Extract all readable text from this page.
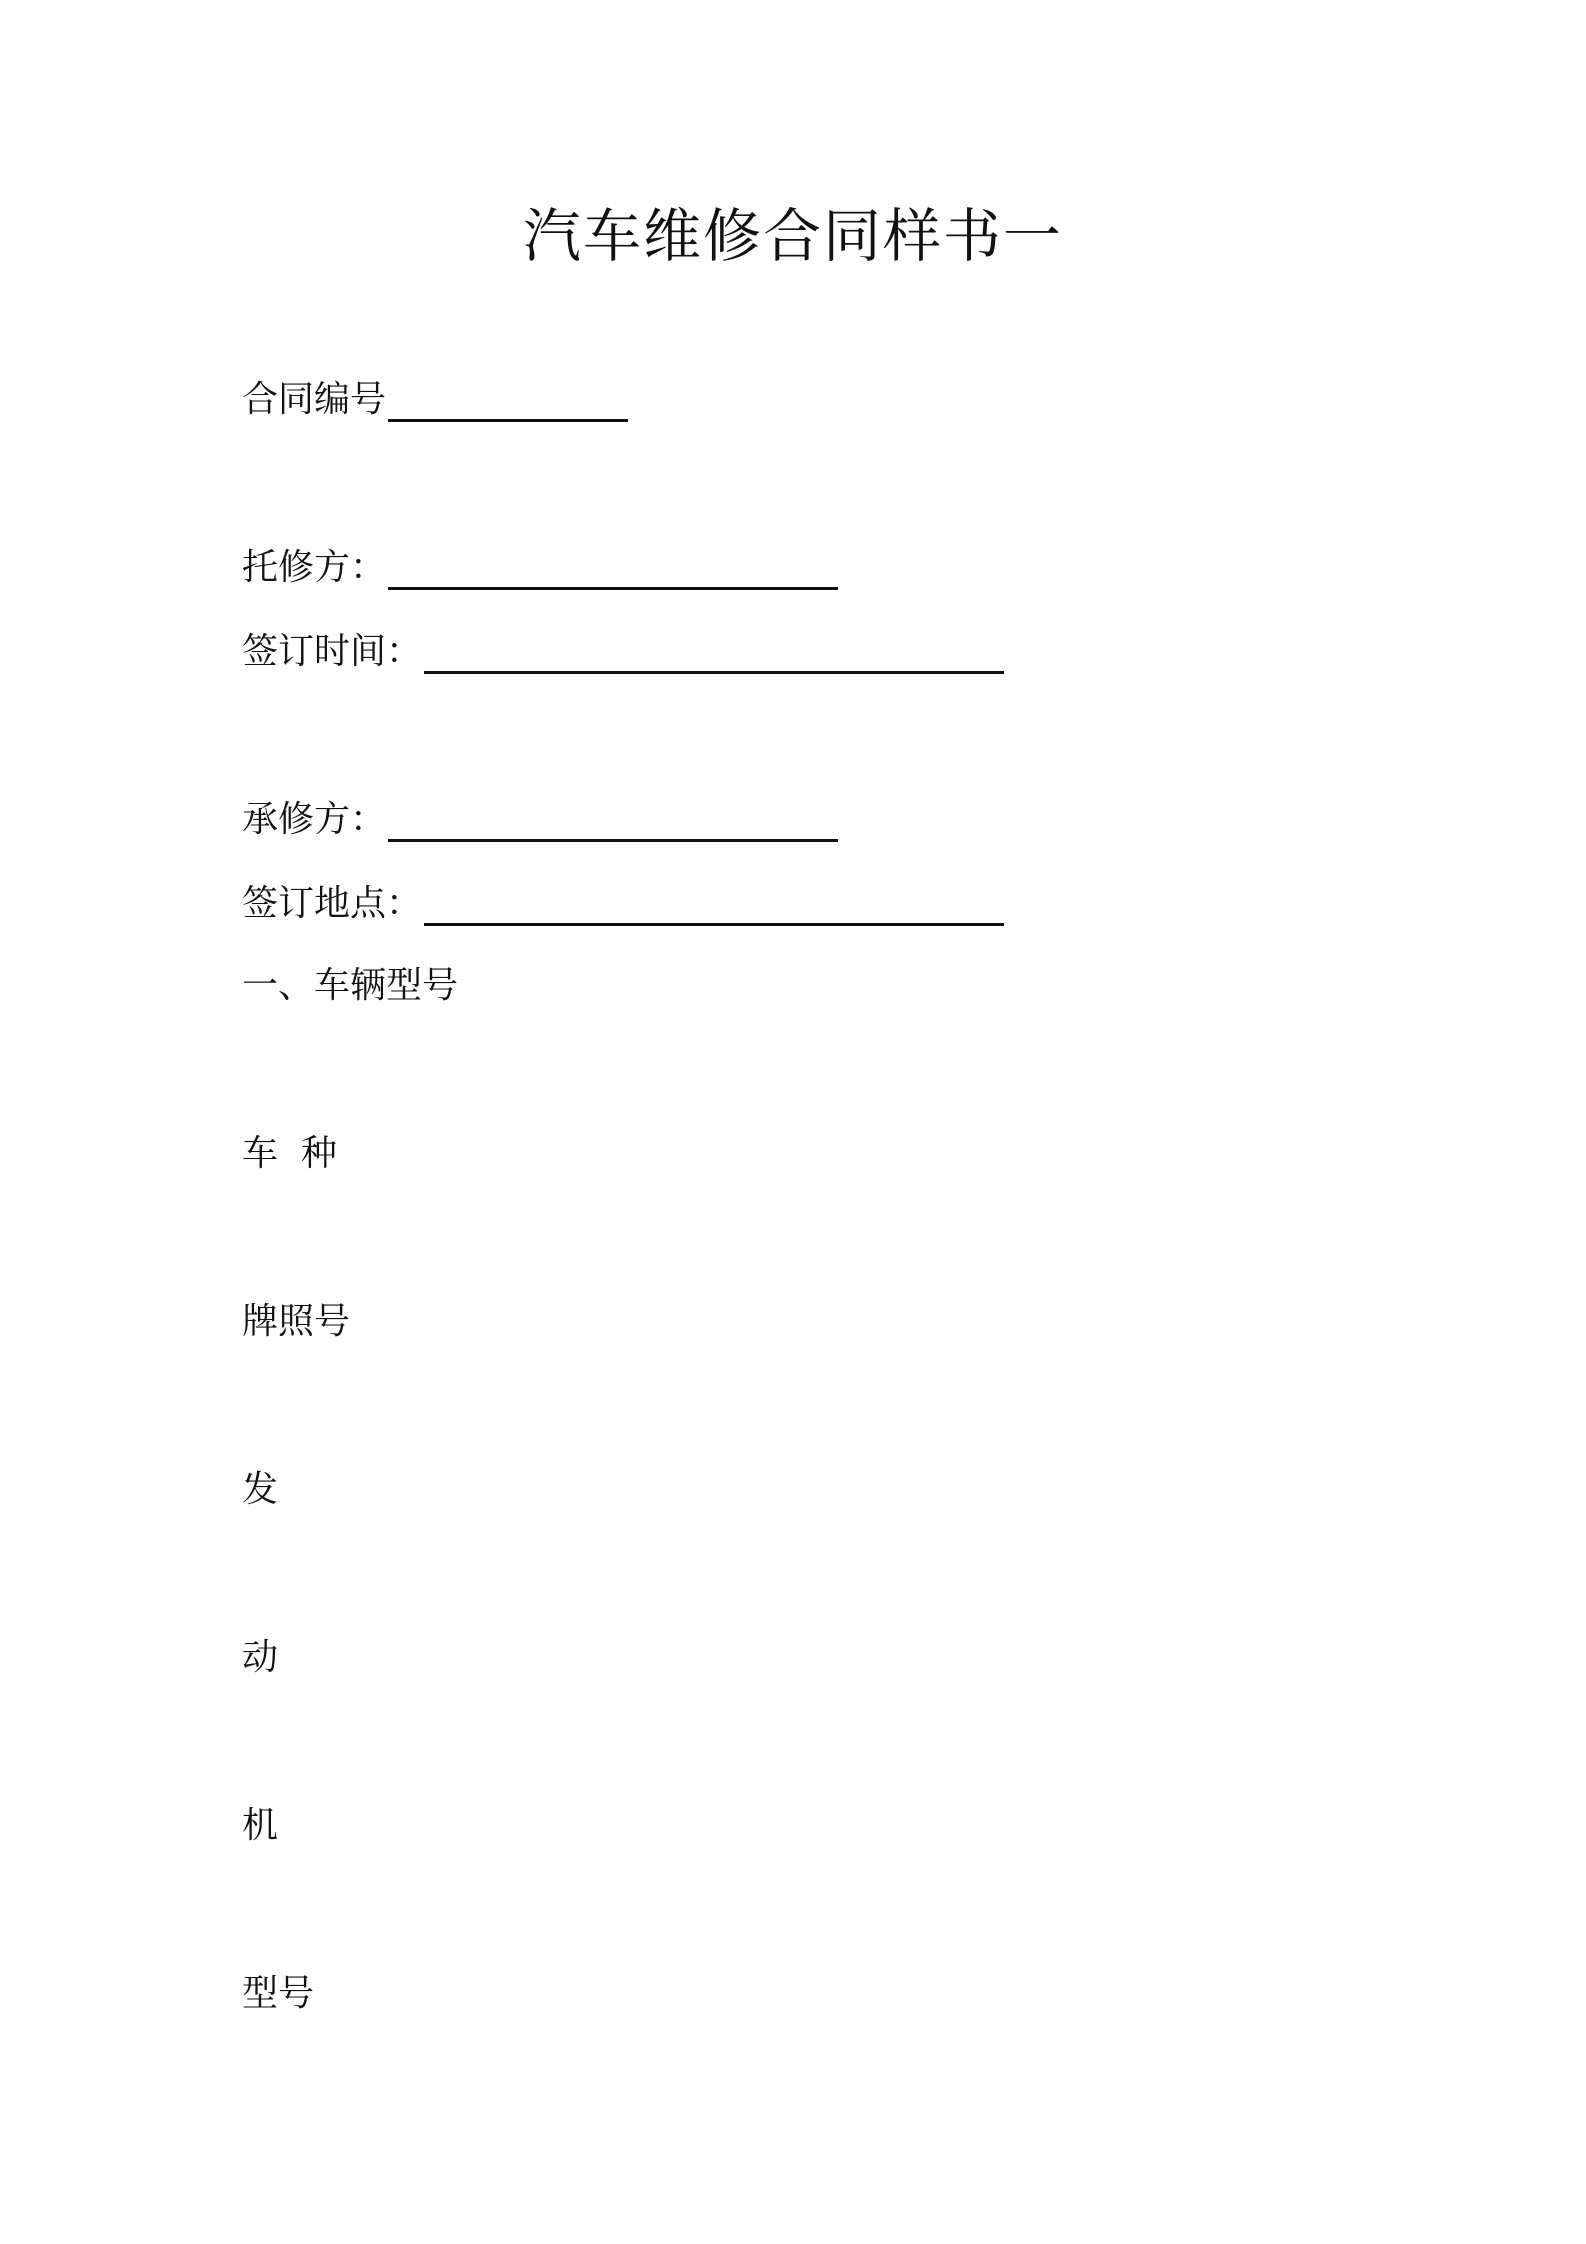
汽车维修合同样书一
合同编号
托修方：
签订时间：
承修方：
签订地点：
一、车辆型号
车  种
牌照号
发
动
机
型号
